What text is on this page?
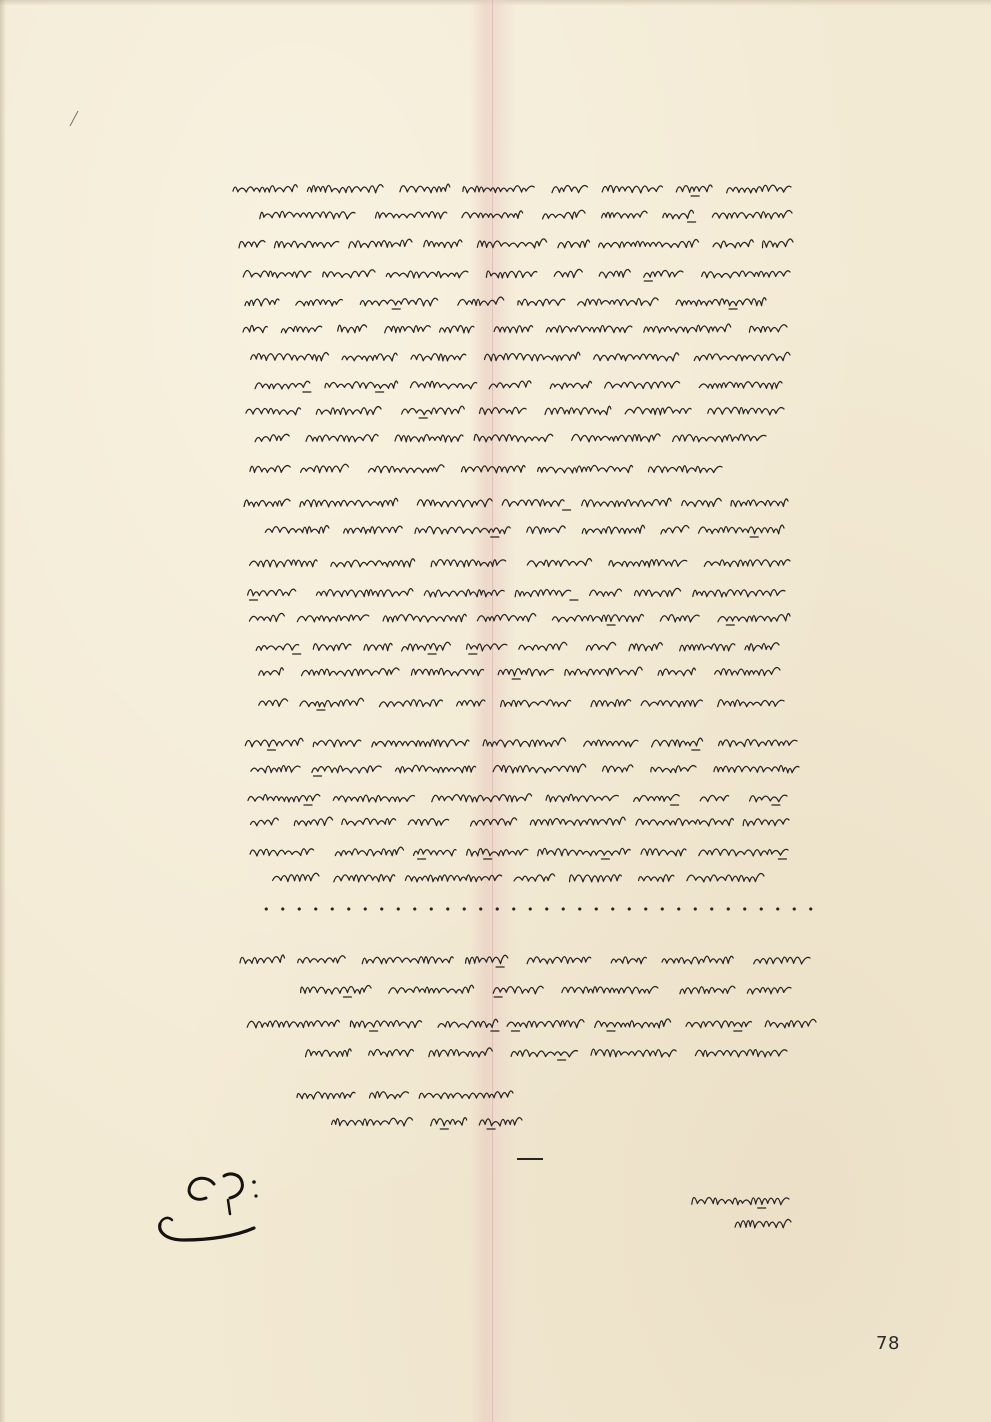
78
